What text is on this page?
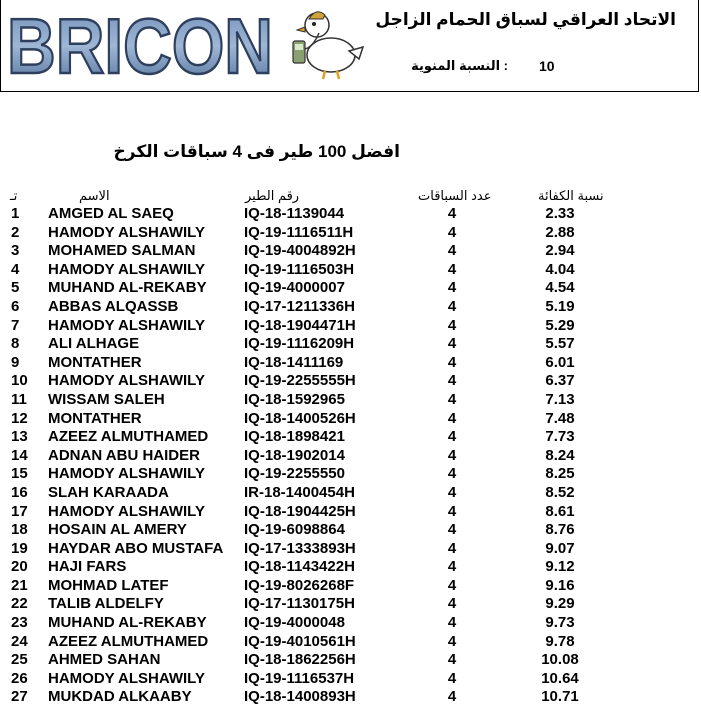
BRICON	الاتحاد العراقي لسباق الحمام الزاجل
10
: النسبة المنوية
افضل 100 طير فى 4 سباقات الكرخ
تـ	الاسم	رقم الطير	عدد السباقات	نسبة الكفائة
1 AMGED AL SAEQ	IQ-18-1139044	4	2.33
2 HAMODY ALSHAWILY	IQ-19-1116511H	4	2.88
3 MOHAMED SALMAN	IQ-19-4004892H	4	2.94
4 HAMODY ALSHAWILY	IQ-19-1116503H	4	4.04
5 MUHAND AL-REKABY IQ-19-4000007	4	4.54
6 ABBAS ALQASSB	IQ-17-1211336H	4	5.19
7 HAMODY ALSHAWILY	IQ-18-1904471H	4	5.29
8 ALI ALHAGE	IQ-19-1116209H	4	5.57
9 MONTATHER	IQ-18-1411169	4	6.01
10 HAMODY ALSHAWILY	IQ-19-2255555H	4	6.37
11 WISSAM SALEH	IQ-18-1592965	4	7.13
12 MONTATHER	IQ-18-1400526H	4	7.48
13 AZEEZ ALMUTHAMED IQ-18-1898421	4	7.73
14 ADNAN ABU HAIDER	IQ-18-1902014	4	8.24
15 HAMODY ALSHAWILY	IQ-19-2255550	4	8.25
16 SLAH KARAADA	IR-18-1400454H	4	8.52
17 HAMODY ALSHAWILY	IQ-18-1904425H	4	8.61
18 HOSAIN AL AMERY	IQ-19-6098864	4	8.76
19 HAYDAR ABO MUSTAFA IQ-17-1333893H	4	9.07
20 HAJI FARS	IQ-18-1143422H	4	9.12
21 MOHMAD LATEF	IQ-19-8026268F	4	9.16
22 TALIB ALDELFY	IQ-17-1130175H	4	9.29
23 MUHAND AL-REKABY IQ-19-4000048	4	9.73
24 AZEEZ ALMUTHAMED IQ-19-4010561H	4	9.78
25 AHMED SAHAN	IQ-18-1862256H	4	10.08
26 HAMODY ALSHAWILY	IQ-19-1116537H	4	10.64
27 MUKDAD ALKAABY	IQ-18-1400893H	4	10.71
